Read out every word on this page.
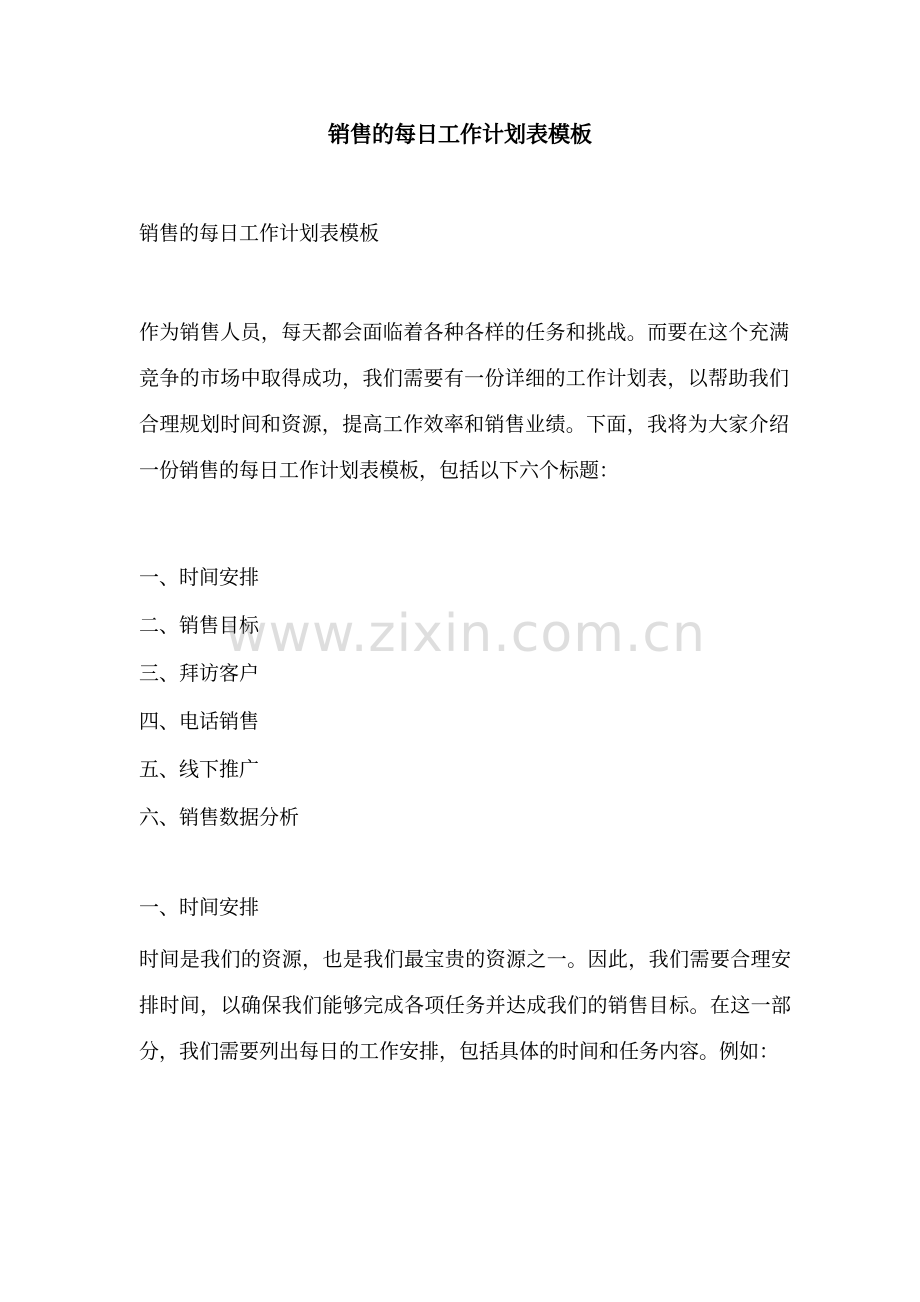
销售的每日工作计划表模板

销售的每日工作计划表模板

作为销售人员，每天都会面临着各种各样的任务和挑战。而要在这个充满竞争的市场中取得成功，我们需要有一份详细的工作计划表，以帮助我们合理规划时间和资源，提高工作效率和销售业绩。下面，我将为大家介绍一份销售的每日工作计划表模板，包括以下六个标题：

一、时间安排
二、销售目标
三、拜访客户
四、电话销售
五、线下推广
六、销售数据分析
一、时间安排

时间是我们的资源，也是我们最宝贵的资源之一。因此，我们需要合理安排时间，以确保我们能够完成各项任务并达成我们的销售目标。在这一部分，我们需要列出每日的工作安排，包括具体的时间和任务内容。例如：

www.zixin.com.cn
